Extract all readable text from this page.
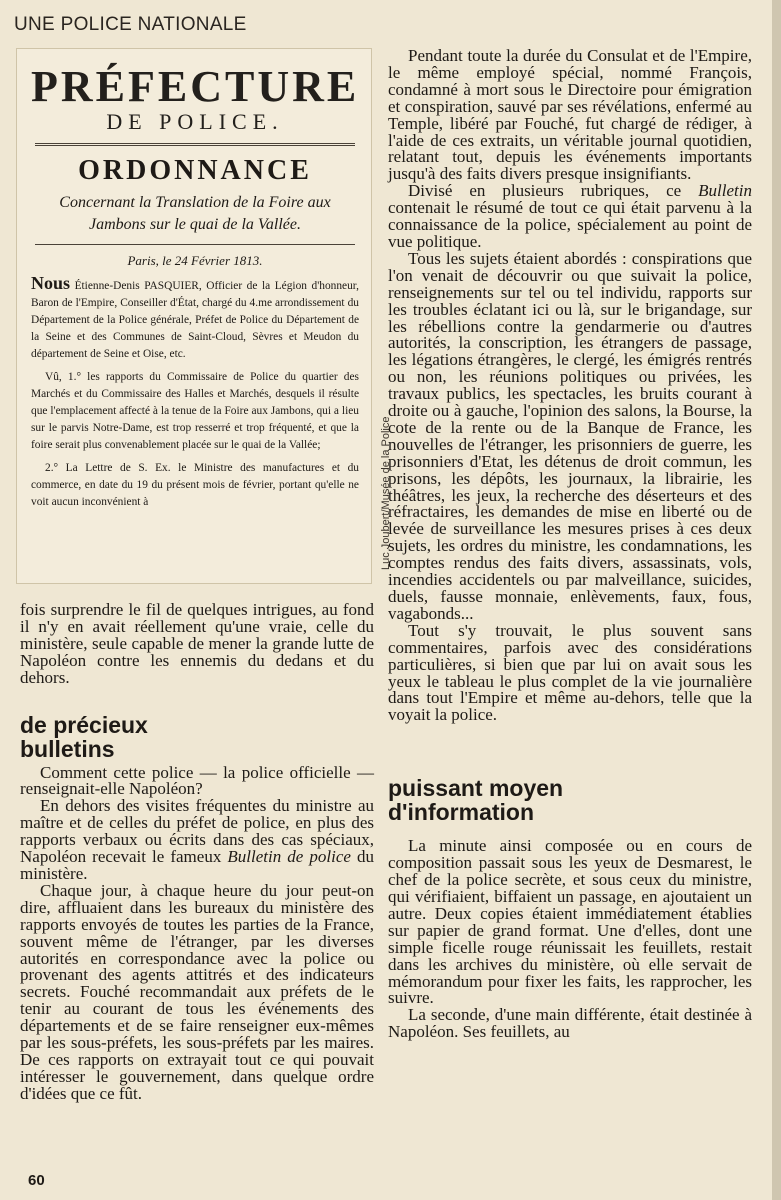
UNE POLICE NATIONALE
PRÉFECTURE
DE POLICE.
ORDONNANCE
Concernant la Translation de la Foire aux Jambons sur le quai de la Vallée.
Paris, le 24 Février 1813.

Nous Étienne-Denis PASQUIER, Officier de la Légion d'honneur, Baron de l'Empire, Conseiller d'État, chargé du 4.me arrondissement du Département de la Police générale, Préfet de Police du Département de la Seine et des Communes de Saint-Cloud, Sèvres et Meudon du département de Seine et Oise, etc.

Vû, 1.° les rapports du Commissaire de Police du quartier des Marchés et du Commissaire des Halles et Marchés, desquels il résulte que l'emplacement affecté à la tenue de la Foire aux Jambons, qui a lieu sur le parvis Notre-Dame, est trop resserré et trop fréquenté, et que la foire serait plus convenablement placée sur le quai de la Vallée;

2.° La Lettre de S. Ex. le Ministre des manufactures et du commerce, en date du 19 du présent mois de février, portant qu'elle ne voit aucun inconvénient à	Luc Joubert/Musée de la Police

fois surprendre le fil de quelques intrigues, au fond il n'y en avait réellement qu'une vraie, celle du ministère, seule capable de mener la grande lutte de Napoléon contre les ennemis du dedans et du dehors.

de précieux
bulletins

Comment cette police — la police officielle — renseignait-elle Napoléon?

En dehors des visites fréquentes du ministre au maître et de celles du préfet de police, en plus des rapports verbaux ou écrits dans des cas spéciaux, Napoléon recevait le fameux Bulletin de police du ministère.

Chaque jour, à chaque heure du jour peut-on dire, affluaient dans les bureaux du ministère des rapports envoyés de toutes les parties de la France, souvent même de l'étranger, par les diverses autorités en correspondance avec la police ou provenant des agents attitrés et des indicateurs secrets. Fouché recommandait aux préfets de le tenir au courant de tous les événements des départements et de se faire renseigner eux-mêmes par les sous-préfets, les sous-préfets par les maires. De ces rapports on extrayait tout ce qui pouvait intéresser le gouvernement, dans quelque ordre d'idées que ce fût.

Pendant toute la durée du Consulat et de l'Empire, le même employé spécial, nommé François, condamné à mort sous le Directoire pour émigration et conspiration, sauvé par ses révélations, enfermé au Temple, libéré par Fouché, fut chargé de rédiger, à l'aide de ces extraits, un véritable journal quotidien, relatant tout, depuis les événements importants jusqu'à des faits divers presque insignifiants.

Divisé en plusieurs rubriques, ce Bulletin contenait le résumé de tout ce qui était parvenu à la connaissance de la police, spécialement au point de vue politique.

Tous les sujets étaient abordés : conspirations que l'on venait de découvrir ou que suivait la police, renseignements sur tel ou tel individu, rapports sur les troubles éclatant ici ou là, sur le brigandage, sur les rébellions contre la gendarmerie ou d'autres autorités, la conscription, les étrangers de passage, les légations étrangères, le clergé, les émigrés rentrés ou non, les réunions politiques ou privées, les travaux publics, les spectacles, les bruits courant à droite ou à gauche, l'opinion des salons, la Bourse, la cote de la rente ou de la Banque de France, les nouvelles de l'étranger, les prisonniers de guerre, les prisonniers d'Etat, les détenus de droit commun, les prisons, les dépôts, les journaux, la librairie, les théâtres, les jeux, la recherche des déserteurs et des réfractaires, les demandes de mise en liberté ou de levée de surveillance les mesures prises à ces deux sujets, les ordres du ministre, les condamnations, les comptes rendus des faits divers, assassinats, vols, incendies accidentels ou par malveillance, suicides, duels, fausse monnaie, enlèvements, faux, fous, vagabonds...

Tout s'y trouvait, le plus souvent sans commentaires, parfois avec des considérations particulières, si bien que par lui on avait sous les yeux le tableau le plus complet de la vie journalière dans tout l'Empire et même au-dehors, telle que la voyait la police.

puissant moyen
d'information

La minute ainsi composée ou en cours de composition passait sous les yeux de Desmarest, le chef de la police secrète, et sous ceux du ministre, qui vérifiaient, biffaient un passage, en ajoutaient un autre. Deux copies étaient immédiatement établies sur papier de grand format. Une d'elles, dont une simple ficelle rouge réunissait les feuillets, restait dans les archives du ministère, où elle servait de mémorandum pour fixer les faits, les rapprocher, les suivre.

La seconde, d'une main différente, était destinée à Napoléon. Ses feuillets, au

60
